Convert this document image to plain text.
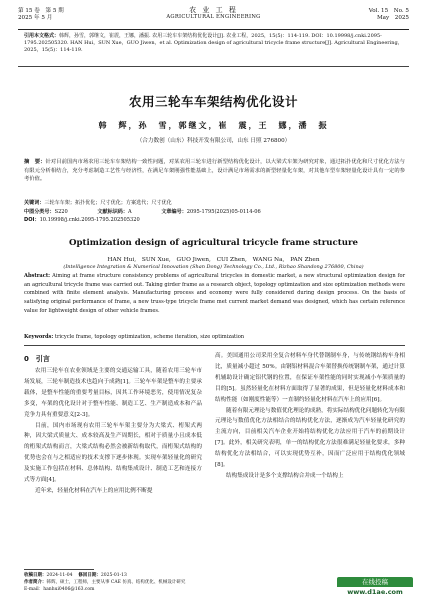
第 15 卷　第 5 期
2025 年 5 月
农 业 工 程
AGRICULTURAL ENGINEERING
Vol. 15　No. 5
May　2025
引用本文格式：韩辉，孙雪，郭继文，崔震，王娜，潘振. 农用三轮车车架结构优化设计[J]. 农业工程，2025，15(5)：114-119. DOI：10.19998/j.cnki.2095-1795.202505320. HAN Hui，SUN Xue，GUO Jiwen，et al. Optimization design of agricultural tricycle frame structure[J]. Agricultural Engineering，2025，15(5)：114-119.
农用三轮车车架结构优化设计
韩　辉，孙　雪，郭继文，崔　震，王　娜，潘　振
（合力数创（山东）科技开发有限公司，山东 日照 276800）
摘　要：针对目前国内市场农用三轮车车架结构一致性问题，对某农用三轮车进行新型结构优化设计，以大梁式车架为研究对象，通过拓扑优化和尺寸优化方法与有限元分析相结合，充分考虑制造工艺性与经济性，在满足车架刚强性能基础上，设计满足市场需求的新型轻量化车架，对其他车型车架轻量化设计具有一定的参考价值。
关键词：三轮车车架；拓扑优化；尺寸优化；方案选代；尺寸优化
中图分类号：S220	文献标识码：A	文章编号：2095-1795(2025)05-0114-06
DOI：10.19998/j.cnki.2095-1795.202505320
Optimization design of agricultural tricycle frame structure
HAN Hui,　SUN Xue,　GUO Jiwen,　CUI Zhen,　WANG Na,　PAN Zhen
(Intelligence Integration & Numerical Innovation (Shan Dong) Technology Co., Ltd., Rizhao Shandong 276800, China)
Abstract: Aiming at frame structure consistency problems of agricultural tricycles in domestic market, a new structural optimization design for an agricultural tricycle frame was carried out. Taking girder frame as a research object, topology optimization and size optimization methods were combined with finite element analysis. Manufacturing process and economy were fully considered during design process. On the basis of satisfying original performance of frame, a new truss-type tricycle frame met current market demand was designed, which has certain reference value for lightweight design of other vehicle frames.
Keywords: tricycle frame, topology optimization, scheme iteration, size optimization
0　引言

农用三轮车在农业领域是主要的交通运输工具，随着农用三轮车市场发展，三轮车制造技术也趋向于成熟[1]。三轮车车架是整车的主要承载体，是整车性能的重要考量目标，因其工作环境恶劣，使用情况复杂多变，车架的优化设计对于整车性能、制造工艺、生产制造成本和产品竞争力具有重要意义[2-3]。

目前，国内市场现有农用三轮车车架主要分为大梁式、桁架式两种，因大梁式质量大、成本较高及生产周期长，相对于质量小且成本低的桁架式结构而言，大梁式结构必然会被新结构取代，而桁架式结构的优势也会在与之相适应的技术支撑下逐步体现。实现车架轻量化的研究及实施工作包括在材料、总体结构、结构集成设计、制造工艺和连接方式等方面[4]。

近年来，轻量化材料在汽车上的应用比例不断提

高。美国通用公司采用全复合材料车身代替钢制车身，与传统钢结构车身相比，质量减小超过 50%。由钢铝材料混合车架替换传统钢制车架，通过计算机辅助设计确定铝代钢的位置，在保证车架性能的同时实现减小车架质量的目的[5]。虽然轻量化在材料方面取得了显著的成果，但是轻量化材料成本和结构性能（如刚度性能等）一直制约轻量化材料在汽车上的应用[6]。

随着有限元理论与数值优化理论的成熟，将实际结构优化问题转化为有限元理论与数值优化方法相结合的结构优化方法，逐渐成为汽车轻量化研究的主流方向，目前相关汽车企业开始将结构优化方法应用于汽车的前期设计[7]。此外，相关研究表明，单一的结构优化方法很难满足轻量化要求，多种结构优化方法相结合，可以实现优势互补，因而广泛应用于结构优化领域[8]。

结构集成设计是多个支撑结构合并成一个结构上

收稿日期：2024-11-04 　 修回日期：2025-01-13
作者简介：韩辉，硕士，工程师，主要从事 CAE 仿真、结构优化、机械设计研究
E-mail：hanhui0406@163.com
在线投稿
www.d1ae.com
